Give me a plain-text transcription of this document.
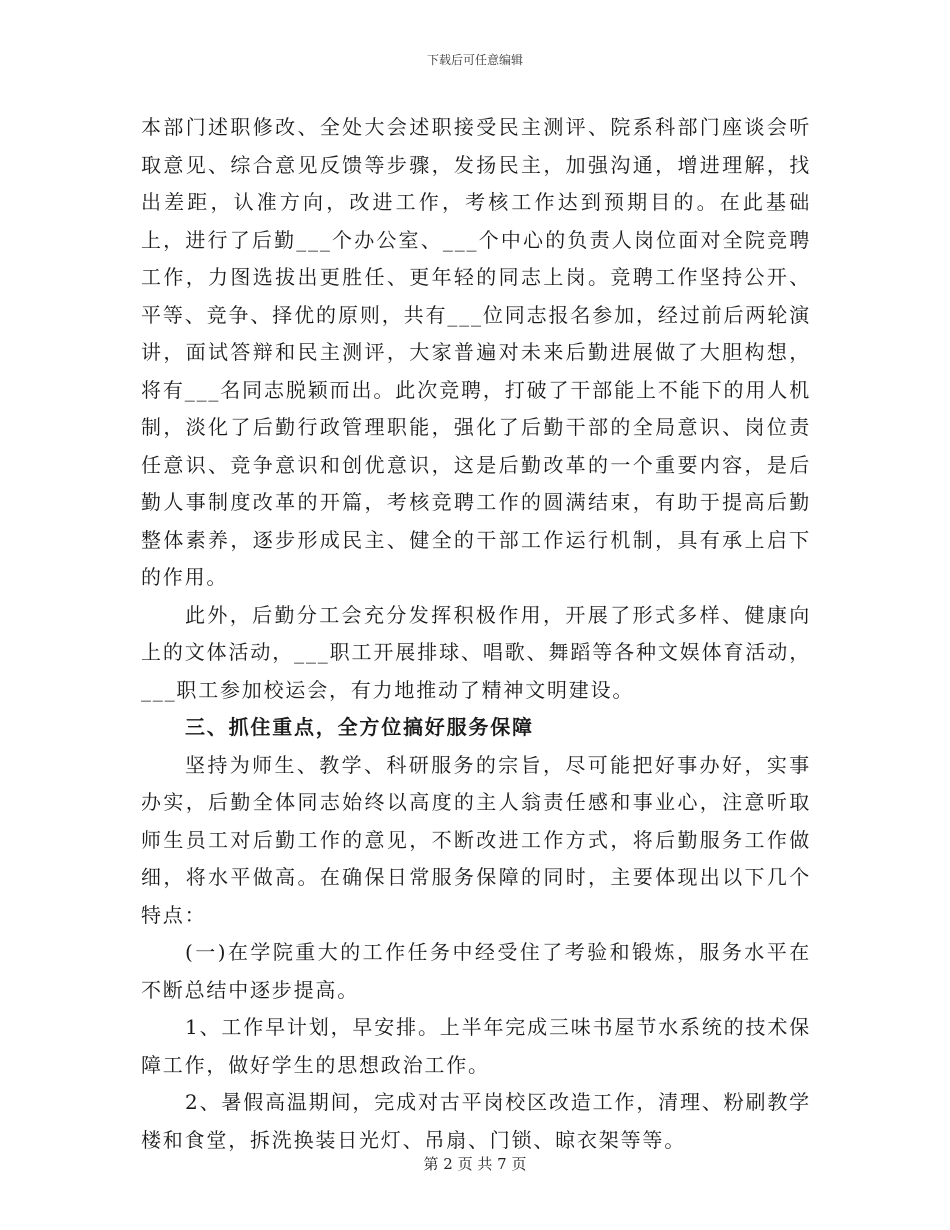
下载后可任意编辑

本部门述职修改、全处大会述职接受民主测评、院系科部门座谈会听取意见、综合意见反馈等步骤，发扬民主，加强沟通，增进理解，找出差距，认准方向，改进工作，考核工作达到预期目的。在此基础上，进行了后勤___个办公室、___个中心的负责人岗位面对全院竞聘工作，力图选拔出更胜任、更年轻的同志上岗。竞聘工作坚持公开、平等、竞争、择优的原则，共有___位同志报名参加，经过前后两轮演讲，面试答辩和民主测评，大家普遍对未来后勤进展做了大胆构想，将有___名同志脱颖而出。此次竞聘，打破了干部能上不能下的用人机制，淡化了后勤行政管理职能，强化了后勤干部的全局意识、岗位责任意识、竞争意识和创优意识，这是后勤改革的一个重要内容，是后勤人事制度改革的开篇，考核竞聘工作的圆满结束，有助于提高后勤整体素养，逐步形成民主、健全的干部工作运行机制，具有承上启下的作用。

此外，后勤分工会充分发挥积极作用，开展了形式多样、健康向上的文体活动，___职工开展排球、唱歌、舞蹈等各种文娱体育活动，___职工参加校运会，有力地推动了精神文明建设。

三、抓住重点，全方位搞好服务保障

坚持为师生、教学、科研服务的宗旨，尽可能把好事办好，实事办实，后勤全体同志始终以高度的主人翁责任感和事业心，注意听取师生员工对后勤工作的意见，不断改进工作方式，将后勤服务工作做细，将水平做高。在确保日常服务保障的同时，主要体现出以下几个特点：

(一)在学院重大的工作任务中经受住了考验和锻炼，服务水平在不断总结中逐步提高。

1、工作早计划，早安排。上半年完成三味书屋节水系统的技术保障工作，做好学生的思想政治工作。

2、暑假高温期间，完成对古平岗校区改造工作，清理、粉刷教学楼和食堂，拆洗换装日光灯、吊扇、门锁、晾衣架等等。

第 2 页 共 7 页
